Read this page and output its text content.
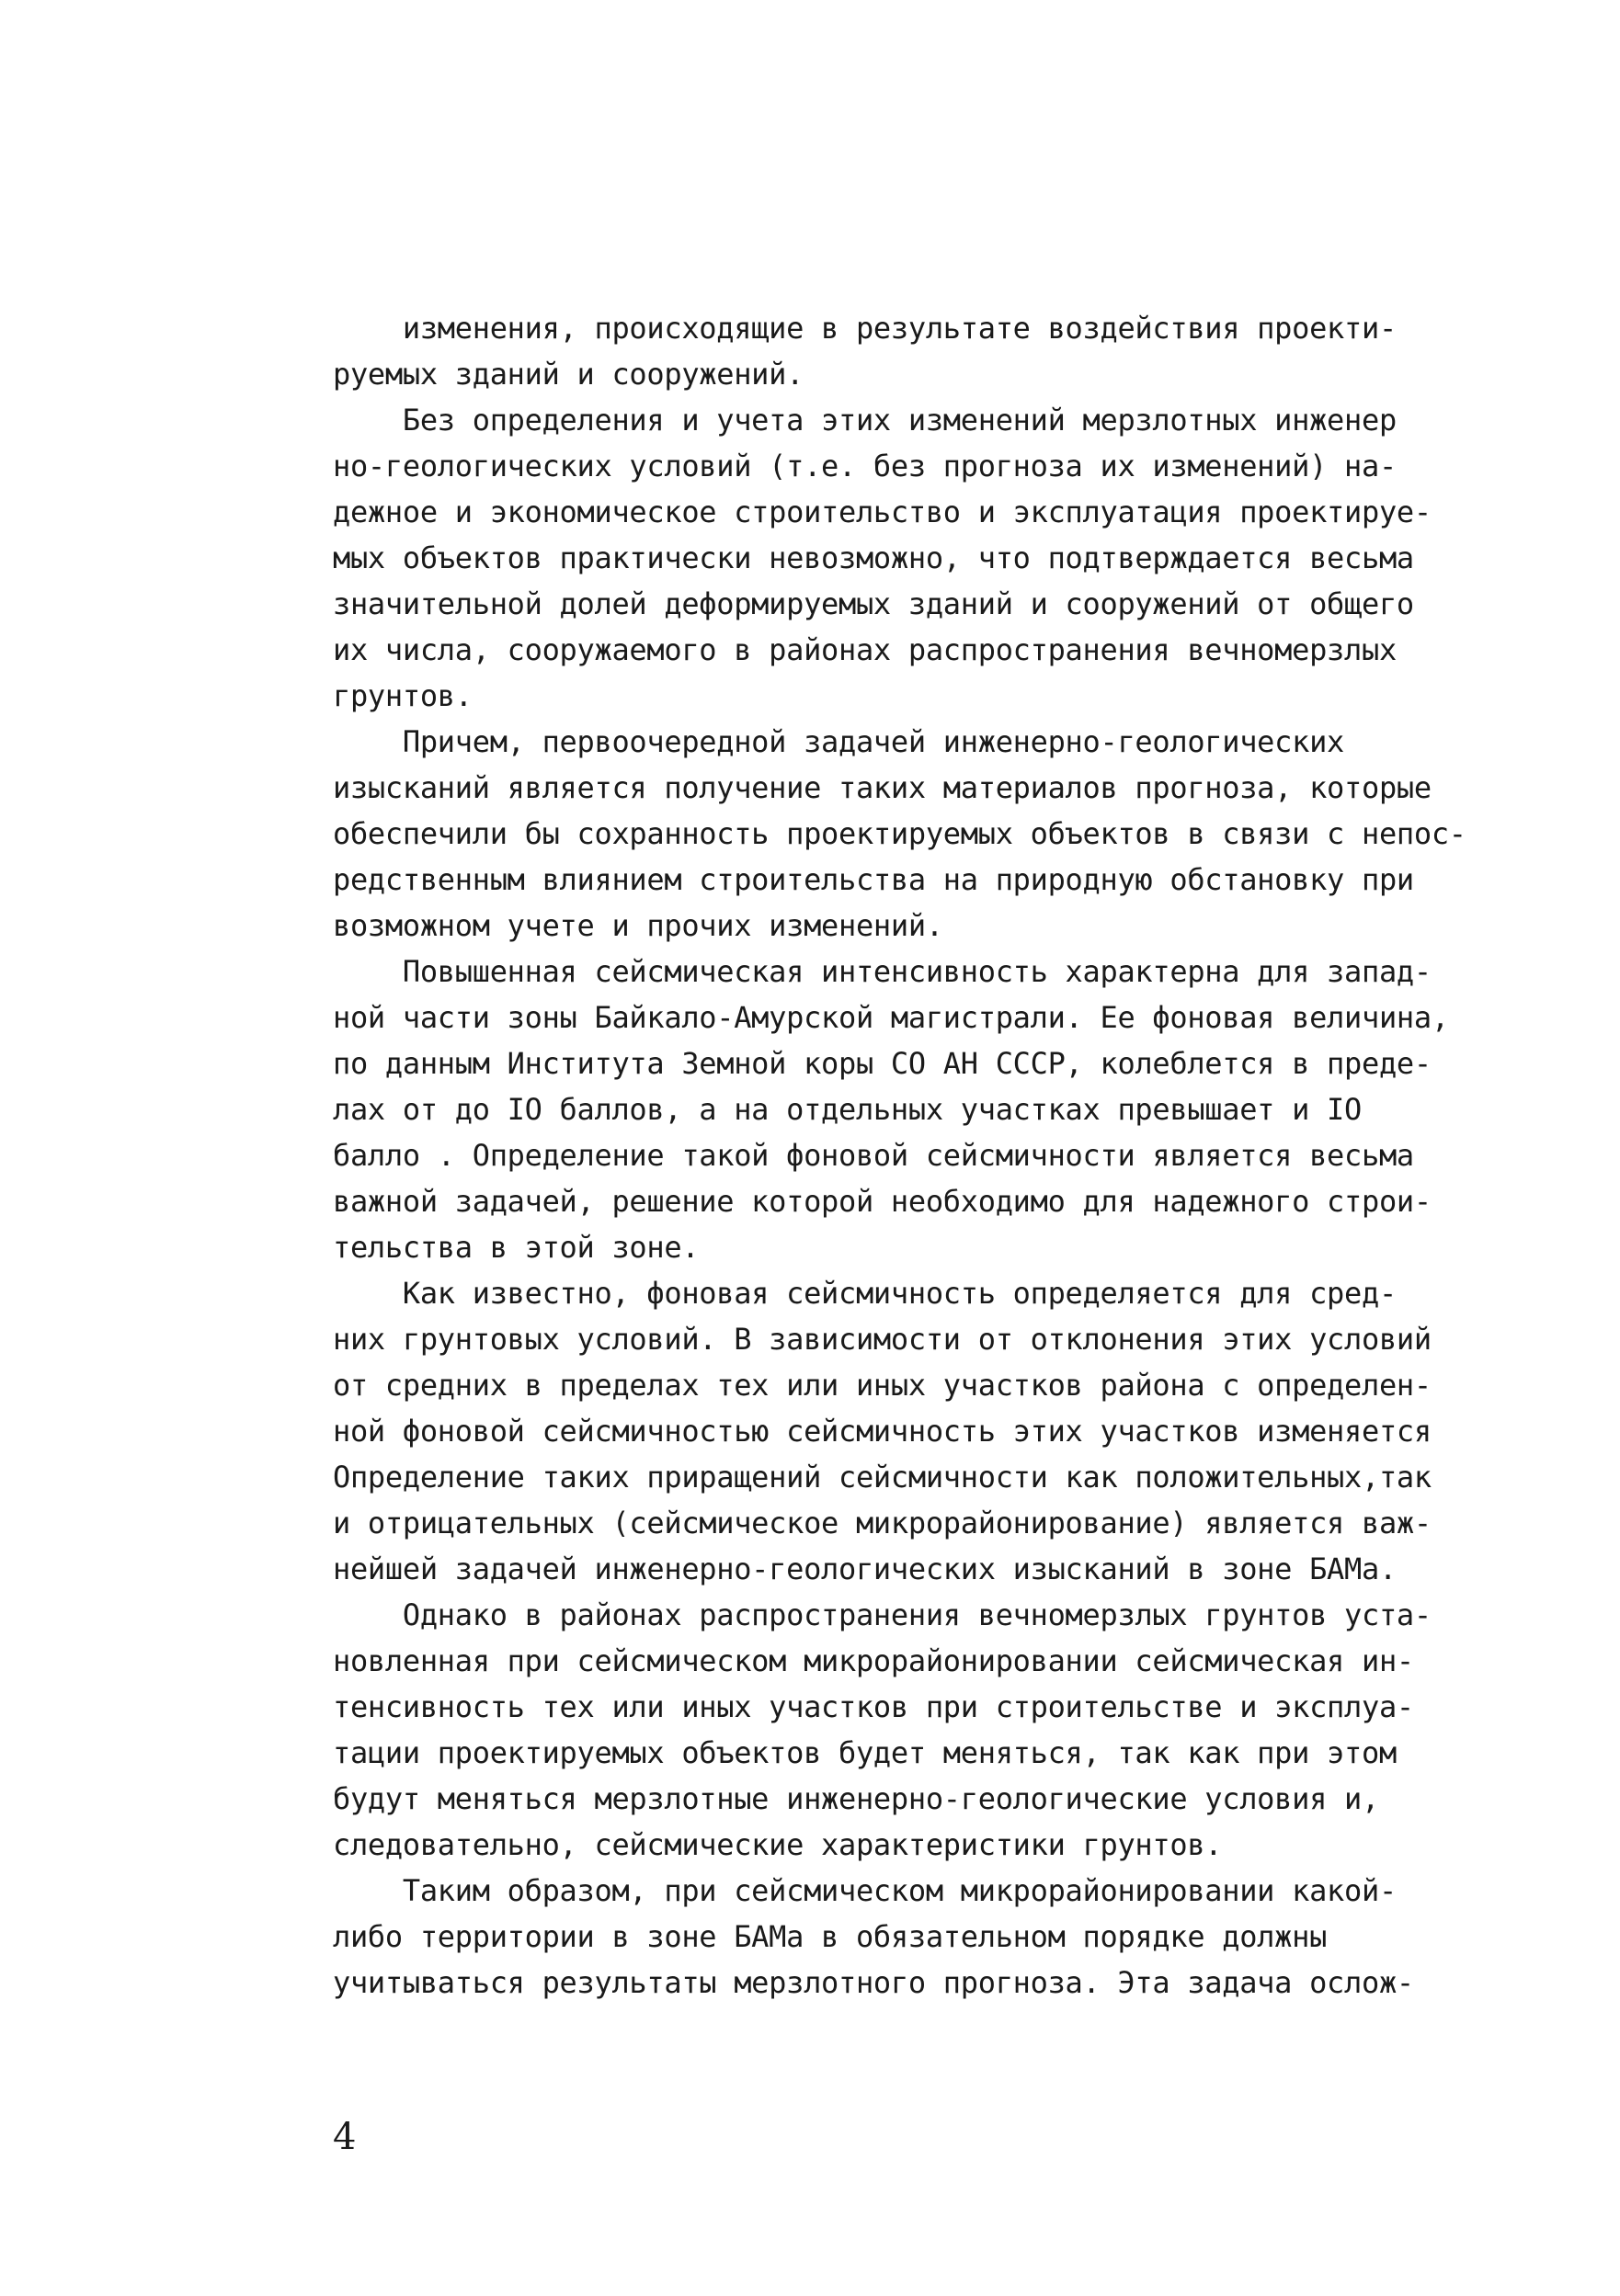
изменения, происходящие в результате воздействия проекти-
руемых зданий и сооружений.
Без определения и учета этих изменений мерзлотных инженер
но-геологических условий (т.е. без прогноза их изменений) на-
дежное и экономическое строительство и эксплуатация проектируе-
мых объектов практически невозможно, что подтверждается весьма
значительной долей деформируемых зданий и сооружений от общего
их числа, сооружаемого в районах распространения вечномерзлых
грунтов.
Причем, первоочередной задачей инженерно-геологических
изысканий является получение таких материалов прогноза, которые
обеспечили бы сохранность проектируемых объектов в связи с непос-
редственным влиянием строительства на природную обстановку при
возможном учете и прочих изменений.
Повышенная сейсмическая интенсивность характерна для запад-
ной части зоны Байкало-Амурской магистрали. Ее фоновая величина,
по данным Института Земной коры СО АН СССР, колеблется в преде-
лах от до IO баллов, а на отдельных участках превышает и IO
балло . Определение такой фоновой сейсмичности является весьма
важной задачей, решение которой необходимо для надежного строи-
тельства в этой зоне.
Как известно, фоновая сейсмичность определяется для сред-
них грунтовых условий. В зависимости от отклонения этих условий
от средних в пределах тех или иных участков района с определен-
ной фоновой сейсмичностью сейсмичность этих участков изменяется
Определение таких приращений сейсмичности как положительных,так
и отрицательных (сейсмическое микрорайонирование) является важ-
нейшей задачей инженерно-геологических изысканий в зоне БАМа.
Однако в районах распространения вечномерзлых грунтов уста-
новленная при сейсмическом микрорайонировании сейсмическая ин-
тенсивность тех или иных участков при строительстве и эксплуа-
тации проектируемых объектов будет меняться, так как при этом
будут меняться мерзлотные инженерно-геологические условия и,
следовательно, сейсмические характеристики грунтов.
Таким образом, при сейсмическом микрорайонировании какой-
либо территории в зоне БАМа в обязательном порядке должны
учитываться результаты мерзлотного прогноза. Эта задача ослож-
4
